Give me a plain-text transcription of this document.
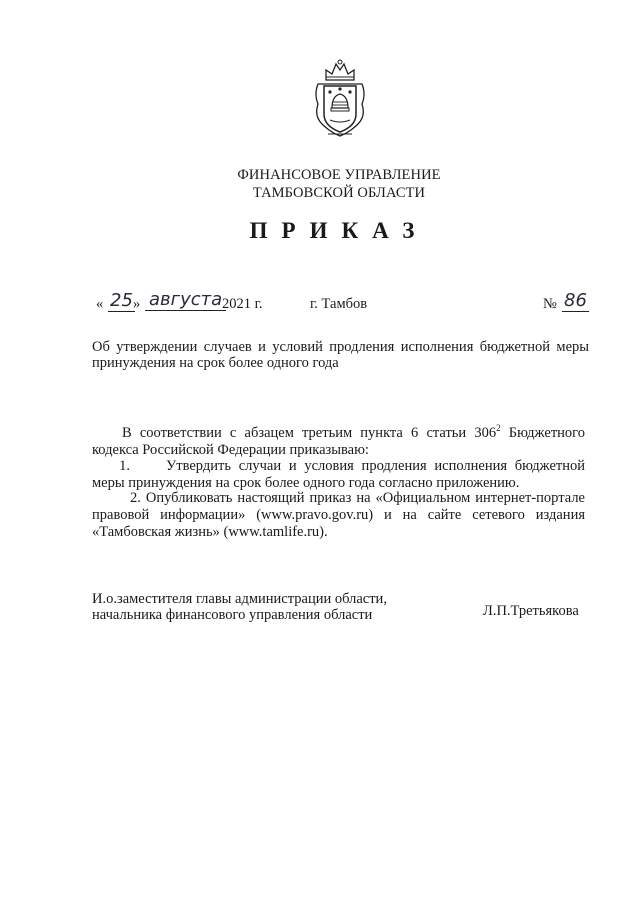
ФИНАНСОВОЕ УПРАВЛЕНИЕ
ТАМБОВСКОЙ ОБЛАСТИ
ПРИКАЗ
« 25 » августа 2021 г.	г. Тамбов	№ 86
Об утверждении случаев и условий продления исполнения бюджетной меры принуждения на срок более одного года
В соответствии с абзацем третьим пункта 6 статьи $306^2$ Бюджетного кодекса Российской Федерации приказываю:
1. Утвердить случаи и условия продления исполнения бюджетной меры принуждения на срок более одного года согласно приложению.
2. Опубликовать настоящий приказ на «Официальном интернет-портале правовой информации» (www.pravo.gov.ru) и на сайте сетевого издания «Тамбовская жизнь» (www.tamlife.ru).
И.о.заместителя главы администрации области,
начальника финансового управления области	Л.П.Третьякова
